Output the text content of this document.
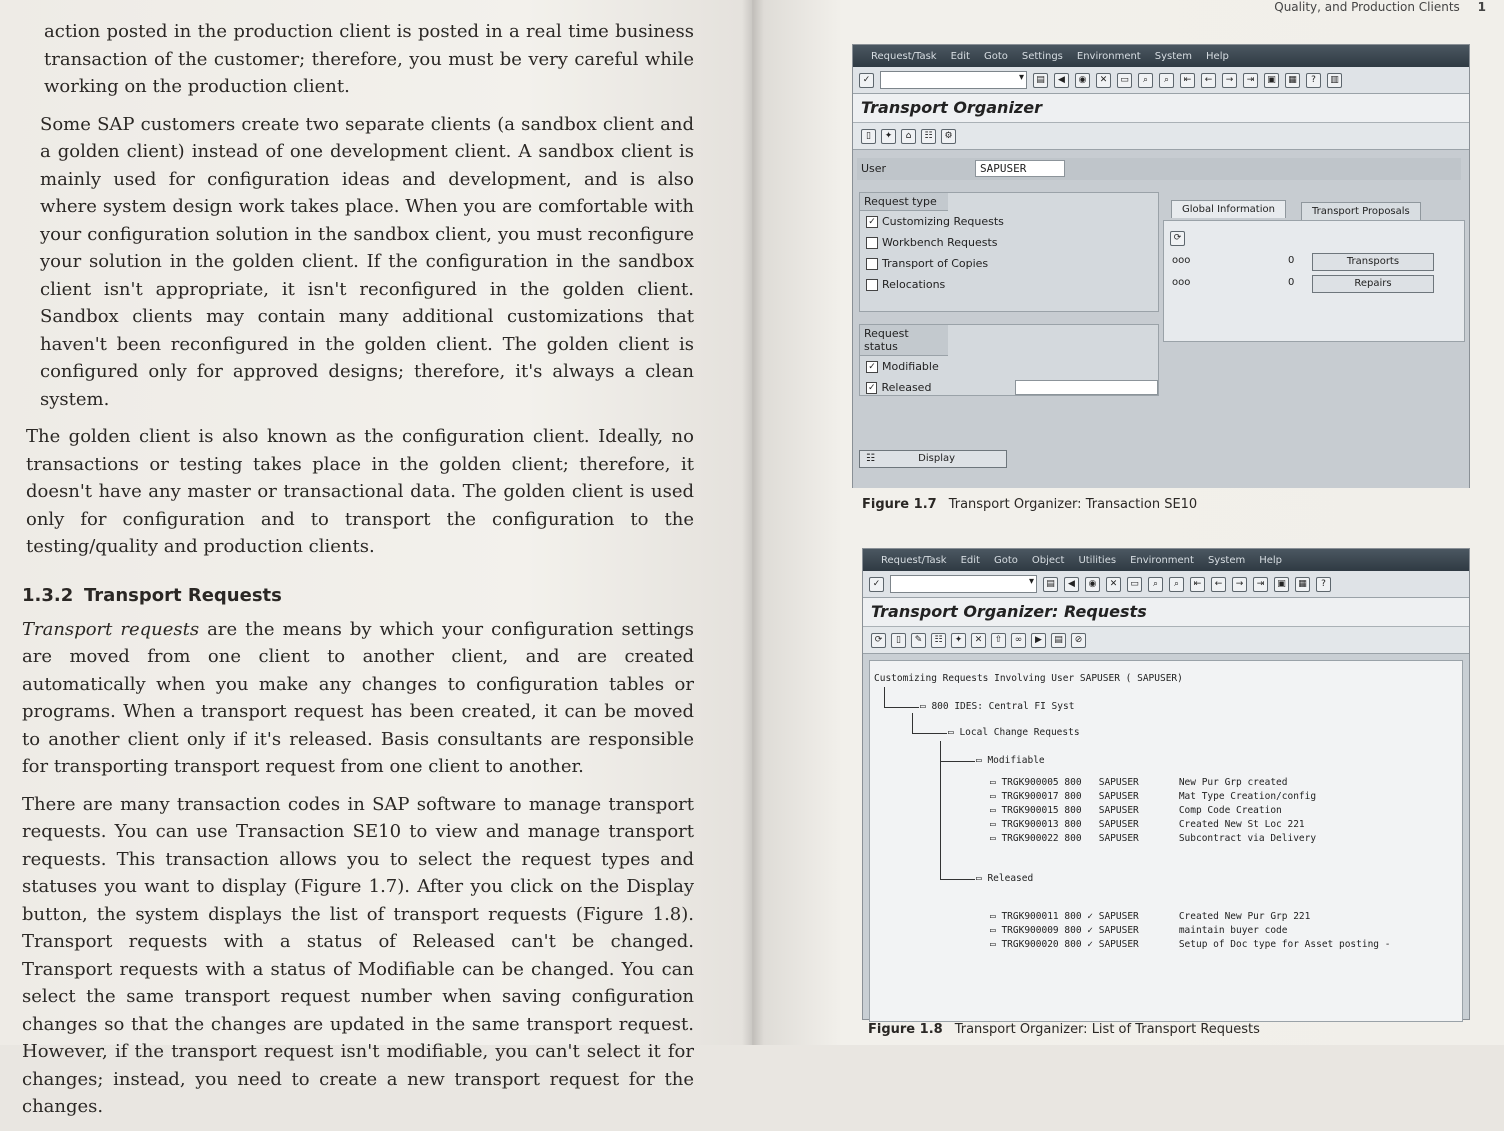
action posted in the production client is posted in a real time business transaction of the customer; therefore, you must be very careful while working on the production client.

Some SAP customers create two separate clients (a sandbox client and a golden client) instead of one development client. A sandbox client is mainly used for configuration ideas and development, and is also where system design work takes place. When you are comfortable with your configuration solution in the sandbox client, you must reconfigure your solution in the golden client. If the configuration in the sandbox client isn't appropriate, it isn't reconfigured in the golden client. Sandbox clients may contain many additional customizations that haven't been reconfigured in the golden client. The golden client is configured only for approved designs; therefore, it's always a clean system.

The golden client is also known as the configuration client. Ideally, no transactions or testing takes place in the golden client; therefore, it doesn't have any master or transactional data. The golden client is used only for configuration and to transport the configuration to the testing/quality and production clients.

1.3.2 Transport Requests

Transport requests are the means by which your configuration settings are moved from one client to another client, and are created automatically when you make any changes to configuration tables or programs. When a transport request has been created, it can be moved to another client only if it's released. Basis consultants are responsible for transporting transport request from one client to another.

There are many transaction codes in SAP software to manage transport requests. You can use Transaction SE10 to view and manage transport requests. This transaction allows you to select the request types and statuses you want to display (Figure 1.7). After you click on the Display button, the system displays the list of transport requests (Figure 1.8). Transport requests with a status of Released can't be changed. Transport requests with a status of Modifiable can be changed. You can select the same transport request number when saving configuration changes so that the changes are updated in the same transport request. However, if the transport request isn't modifiable, you can't select it for changes; instead, you need to create a new transport request for the changes.

Quality, and Production Clients 1
Request/Task Edit Goto Settings Environment System Help
✓	▾	▤	◀	◉	✕	▭	⌕	⌕	⇤	←	→	⇥	▣	▦	?	▥
Transport Organizer
▯	✦	⌂	☷	⚙
User	SAPUSER
Request type
✓ Customizing Requests
Workbench Requests
Transport of Copies
Relocations
Request status
✓ Modifiable
✓ Released
Global Information	Transport Proposals
⟳
ooo	0	Transports
ooo	0	Repairs
☷	Display
Figure 1.7 Transport Organizer: Transaction SE10
Request/Task Edit Goto Object Utilities Environment System Help
✓	▾	▤	◀	◉	✕	▭	⌕	⌕	⇤	←	→	⇥	▣	▦	?
Transport Organizer: Requests
⟳	▯	✎	☷	✦	✕	⇧	∞	▶	▤	⊘
Customizing Requests Involving User SAPUSER ( SAPUSER)
▭ 800 IDES: Central FI Syst
▭ Local Change Requests
▭ Modifiable
▭ TRGK900005 800 SAPUSER	New Pur Grp created
▭ TRGK900017 800 SAPUSER	Mat Type Creation/config
▭ TRGK900015 800 SAPUSER	Comp Code Creation
▭ TRGK900013 800 SAPUSER	Created New St Loc 221
▭ TRGK900022 800 SAPUSER	Subcontract via Delivery
▭ Released
▭ TRGK900011 800 ✓ SAPUSER	Created New Pur Grp 221
▭ TRGK900009 800 ✓ SAPUSER	maintain buyer code
▭ TRGK900020 800 ✓ SAPUSER	Setup of Doc type for Asset posting -
Figure 1.8 Transport Organizer: List of Transport Requests
